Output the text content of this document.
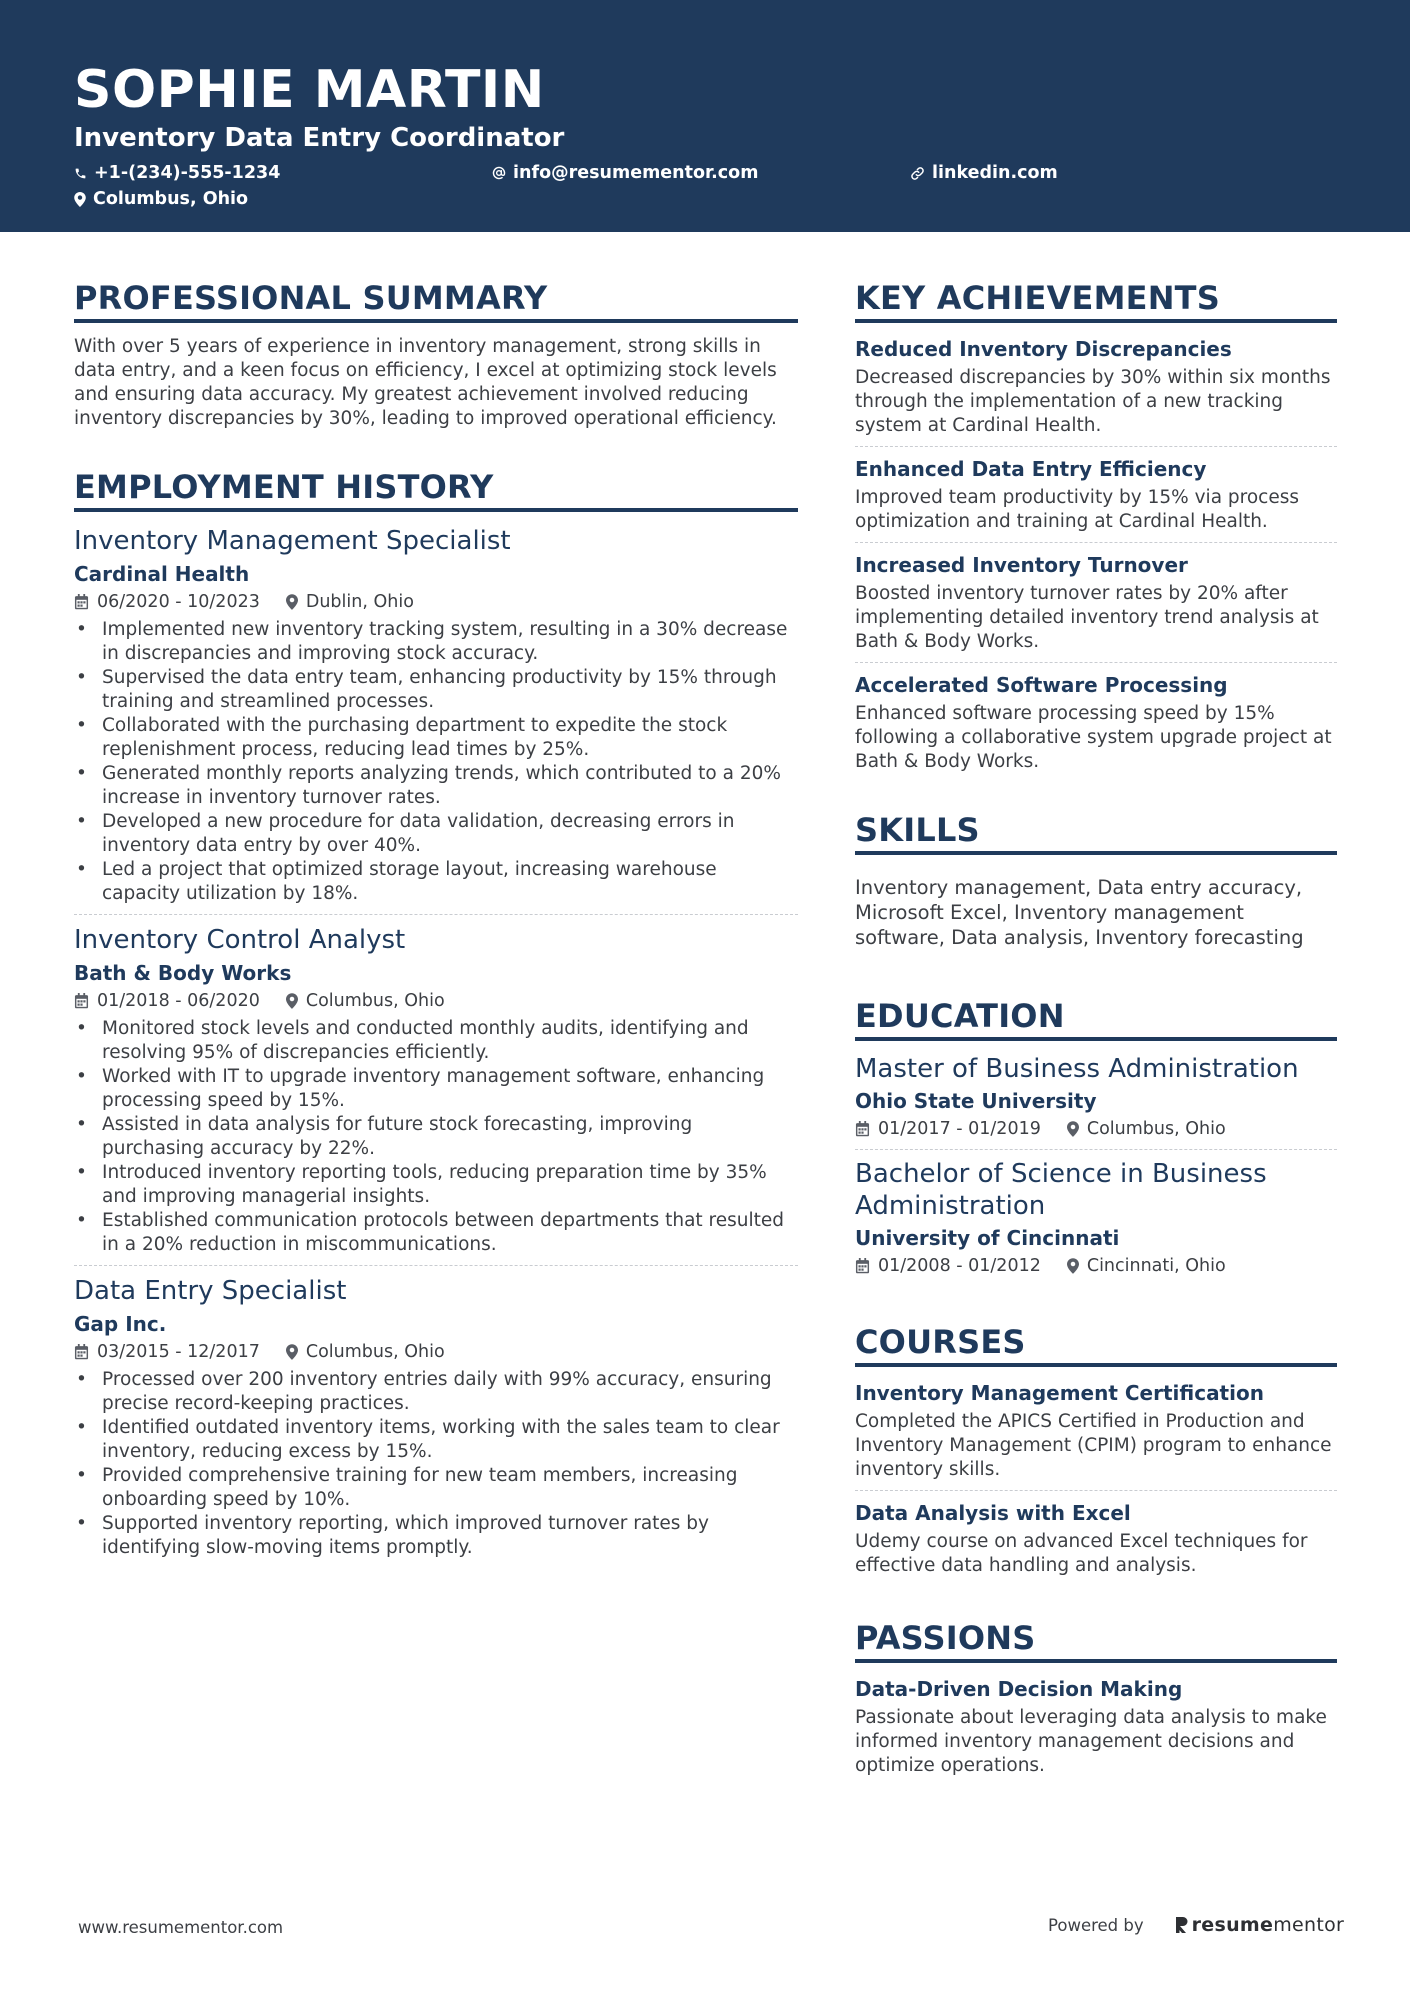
SOPHIE MARTIN
Inventory Data Entry Coordinator
+1-(234)-555-1234	info@resumementor.com	linkedin.com
Columbus, Ohio
PROFESSIONAL SUMMARY
With over 5 years of experience in inventory management, strong skills in data entry, and a keen focus on efficiency, I excel at optimizing stock levels and ensuring data accuracy. My greatest achievement involved reducing inventory discrepancies by 30%, leading to improved operational efficiency.
EMPLOYMENT HISTORY
Inventory Management Specialist
Cardinal Health
06/2020 - 10/2023	Dublin, Ohio
• Implemented new inventory tracking system, resulting in a 30% decrease in discrepancies and improving stock accuracy.
• Supervised the data entry team, enhancing productivity by 15% through training and streamlined processes.
• Collaborated with the purchasing department to expedite the stock replenishment process, reducing lead times by 25%.
• Generated monthly reports analyzing trends, which contributed to a 20% increase in inventory turnover rates.
• Developed a new procedure for data validation, decreasing errors in inventory data entry by over 40%.
• Led a project that optimized storage layout, increasing warehouse capacity utilization by 18%.
Inventory Control Analyst
Bath & Body Works
01/2018 - 06/2020	Columbus, Ohio
• Monitored stock levels and conducted monthly audits, identifying and resolving 95% of discrepancies efficiently.
• Worked with IT to upgrade inventory management software, enhancing processing speed by 15%.
• Assisted in data analysis for future stock forecasting, improving purchasing accuracy by 22%.
• Introduced inventory reporting tools, reducing preparation time by 35% and improving managerial insights.
• Established communication protocols between departments that resulted in a 20% reduction in miscommunications.
Data Entry Specialist
Gap Inc.
03/2015 - 12/2017	Columbus, Ohio
• Processed over 200 inventory entries daily with 99% accuracy, ensuring precise record-keeping practices.
• Identified outdated inventory items, working with the sales team to clear inventory, reducing excess by 15%.
• Provided comprehensive training for new team members, increasing onboarding speed by 10%.
• Supported inventory reporting, which improved turnover rates by identifying slow-moving items promptly.
KEY ACHIEVEMENTS
Reduced Inventory Discrepancies
Decreased discrepancies by 30% within six months through the implementation of a new tracking system at Cardinal Health.
Enhanced Data Entry Efficiency
Improved team productivity by 15% via process optimization and training at Cardinal Health.
Increased Inventory Turnover
Boosted inventory turnover rates by 20% after implementing detailed inventory trend analysis at Bath & Body Works.
Accelerated Software Processing
Enhanced software processing speed by 15% following a collaborative system upgrade project at Bath & Body Works.
SKILLS
Inventory management, Data entry accuracy, Microsoft Excel, Inventory management software, Data analysis, Inventory forecasting
EDUCATION
Master of Business Administration
Ohio State University
01/2017 - 01/2019	Columbus, Ohio
Bachelor of Science in Business Administration
University of Cincinnati
01/2008 - 01/2012	Cincinnati, Ohio
COURSES
Inventory Management Certification
Completed the APICS Certified in Production and Inventory Management (CPIM) program to enhance inventory skills.
Data Analysis with Excel
Udemy course on advanced Excel techniques for effective data handling and analysis.
PASSIONS
Data-Driven Decision Making
Passionate about leveraging data analysis to make informed inventory management decisions and optimize operations.
www.resumementor.com	Powered by	resume mentor
